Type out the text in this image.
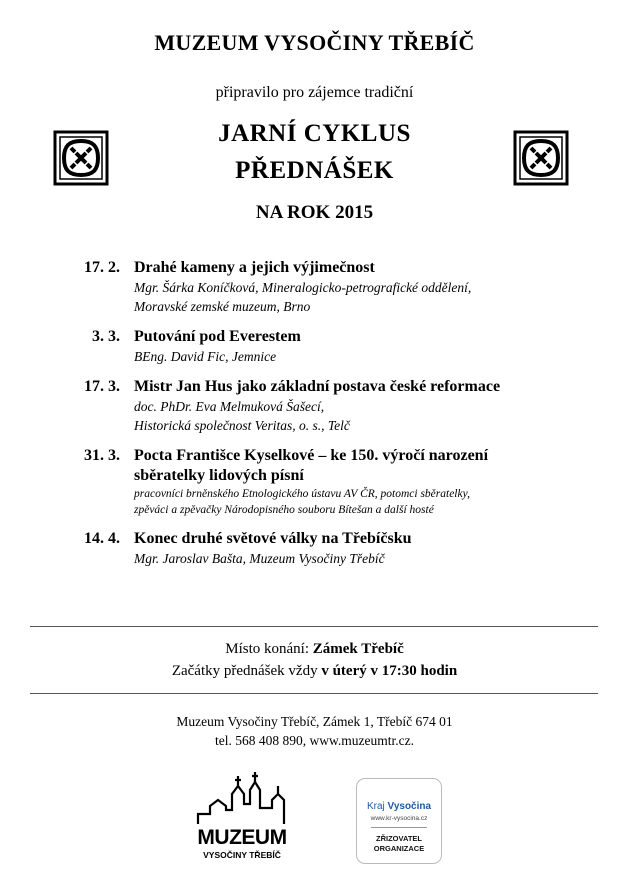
MUZEUM VYSOČINY TŘEBÍČ
připravilo pro zájemce tradiční
JARNÍ CYKLUS
PŘEDNÁŠEK
NA ROK 2015
17. 2. Drahé kameny a jejich výjimečnost
Mgr. Šárka Koníčková, Mineralogicko-petrografické oddělení,
Moravské zemské muzeum, Brno
3. 3. Putování pod Everestem
BEng. David Fic, Jemnice
17. 3. Mistr Jan Hus jako základní postava české reformace
doc. PhDr. Eva Melmuková Šašecí,
Historická společnost Veritas, o. s., Telč
31. 3. Pocta Františce Kyselkové – ke 150. výročí narození
sběratelky lidových písní
pracovníci brněnského Etnologického ústavu AV ČR, potomci sběratelky,
zpěváci a zpěvačky Národopisného souboru Bítešan a další hosté
14. 4. Konec druhé světové války na Třebíčsku
Mgr. Jaroslav Bašta, Muzeum Vysočiny Třebíč
Místo konání: Zámek Třebíč
Začátky přednášek vždy v úterý v 17:30 hodin
Muzeum Vysočiny Třebíč, Zámek 1, Třebíč 674 01
tel. 568 408 890, www.muzeumtr.cz.
MUZEUM
VYSOČINY TŘEBÍČ
Kraj Vysočina
www.kr-vysocina.cz
ZŘIZOVATEL
ORGANIZACE
